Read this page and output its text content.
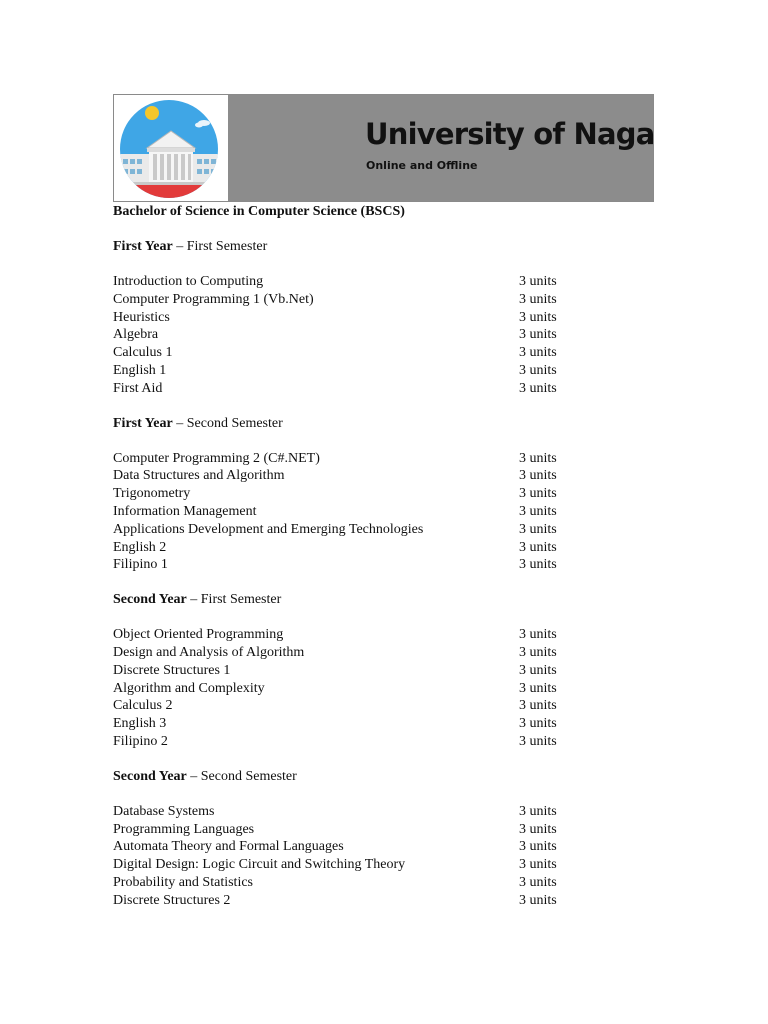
University of Naga
Online and Offline
Bachelor of Science in Computer Science (BSCS)
First Year – First Semester
Introduction to Computing	3 units
Computer Programming 1 (Vb.Net)	3 units
Heuristics	3 units
Algebra	3 units
Calculus 1	3 units
English 1	3 units
First Aid	3 units
First Year – Second Semester
Computer Programming 2 (C#.NET)	3 units
Data Structures and Algorithm	3 units
Trigonometry	3 units
Information Management	3 units
Applications Development and Emerging Technologies	3 units
English 2	3 units
Filipino 1	3 units
Second Year – First Semester
Object Oriented Programming	3 units
Design and Analysis of Algorithm	3 units
Discrete Structures 1	3 units
Algorithm and Complexity	3 units
Calculus 2	3 units
English 3	3 units
Filipino 2	3 units
Second Year – Second Semester
Database Systems	3 units
Programming Languages	3 units
Automata Theory and Formal Languages	3 units
Digital Design: Logic Circuit and Switching Theory	3 units
Probability and Statistics	3 units
Discrete Structures 2	3 units
